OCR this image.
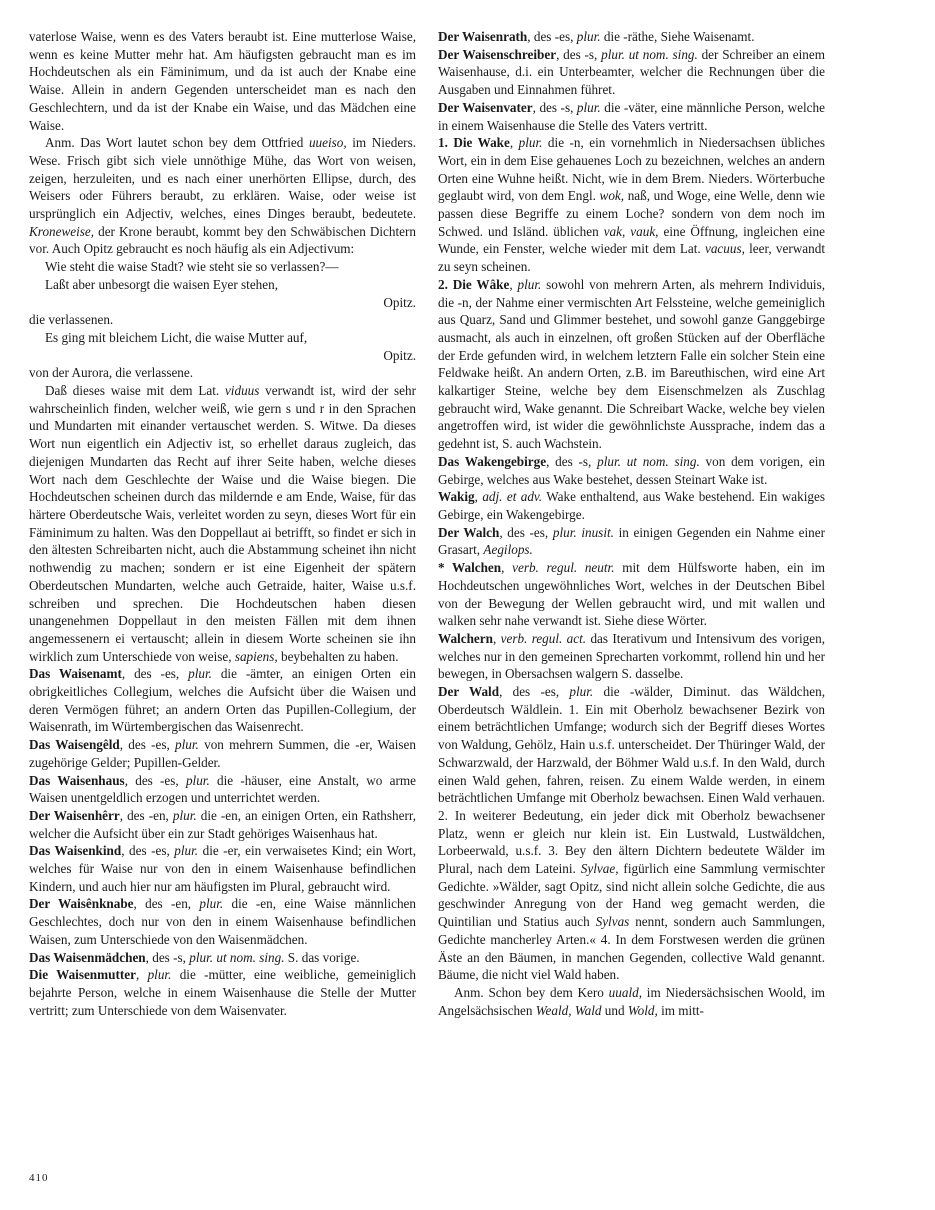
vaterlose Waise, wenn es des Vaters beraubt ist. Eine mutterlose Waise, wenn es keine Mutter mehr hat. Am häufigsten gebraucht man es im Hochdeutschen als ein Fäminimum, und da ist auch der Knabe eine Waise. Allein in andern Gegenden unterscheidet man es nach den Geschlechtern, und da ist der Knabe ein Waise, und das Mädchen eine Waise.

Anm. Das Wort lautet schon bey dem Ottfried uueiso, im Nieders. Wese. Frisch gibt sich viele unnöthige Mühe, das Wort von weisen, zeigen, herzuleiten, und es nach einer unerhörten Ellipse, durch, des Weisers oder Führers beraubt, zu erklären. Waise, oder weise ist ursprünglich ein Adjectiv, welches, eines Dinges beraubt, bedeutete. Kroneweise, der Krone beraubt, kommt bey den Schwäbischen Dichtern vor. Auch Opitz gebraucht es noch häufig als ein Adjectivum:

Wie steht die waise Stadt? wie steht sie so verlassen?—

Laßt aber unbesorgt die waisen Eyer stehen,

Opitz.

die verlassenen.

Es ging mit bleichem Licht, die waise Mutter auf,

Opitz.

von der Aurora, die verlassene.

Daß dieses waise mit dem Lat. viduus verwandt ist, wird der sehr wahrscheinlich finden, welcher weiß, wie gern s und r in den Sprachen und Mundarten mit einander vertauschet werden. S. Witwe. Da dieses Wort nun eigentlich ein Adjectiv ist, so erhellet daraus zugleich, das diejenigen Mundarten das Recht auf ihrer Seite haben, welche dieses Wort nach dem Geschlechte der Waise und die Waise biegen. Die Hochdeutschen scheinen durch das mildernde e am Ende, Waise, für das härtere Oberdeutsche Wais, verleitet worden zu seyn, dieses Wort für ein Fäminimum zu halten. Was den Doppellaut ai betrifft, so findet er sich in den ältesten Schreibarten nicht, auch die Abstammung scheinet ihn nicht nothwendig zu machen; sondern er ist eine Eigenheit der spätern Oberdeutschen Mundarten, welche auch Getraide, haiter, Waise u.s.f. schreiben und sprechen. Die Hochdeutschen haben diesen unangenehmen Doppellaut in den meisten Fällen mit dem ihnen angemessenern ei vertauscht; allein in diesem Worte scheinen sie ihn wirklich zum Unterschiede von weise, sapiens, beybehalten zu haben.

Das Waisenamt, des -es, plur. die -ämter, an einigen Orten ein obrigkeitliches Collegium, welches die Aufsicht über die Waisen und deren Vermögen führet; an andern Orten das Pupillen-Collegium, der Waisenrath, im Würtembergischen das Waisenrecht.

Das Waisengêld, des -es, plur. von mehrern Summen, die -er, Waisen zugehörige Gelder; Pupillen-Gelder.

Das Waisenhaus, des -es, plur. die -häuser, eine Anstalt, wo arme Waisen unentgeldlich erzogen und unterrichtet werden.

Der Waisenhêrr, des -en, plur. die -en, an einigen Orten, ein Rathsherr, welcher die Aufsicht über ein zur Stadt gehöriges Waisenhaus hat.

Das Waisenkind, des -es, plur. die -er, ein verwaisetes Kind; ein Wort, welches für Waise nur von den in einem Waisenhause befindlichen Kindern, und auch hier nur am häufigsten im Plural, gebraucht wird.

Der Waisênknabe, des -en, plur. die -en, eine Waise männlichen Geschlechtes, doch nur von den in einem Waisenhause befindlichen Waisen, zum Unterschiede von den Waisenmädchen.

Das Waisenmädchen, des -s, plur. ut nom. sing. S. das vorige.

Die Waisenmutter, plur. die -mütter, eine weibliche, gemeiniglich bejahrte Person, welche in einem Waisenhause die Stelle der Mutter vertritt; zum Unterschiede von dem Waisenvater.

Der Waisenrath, des -es, plur. die -räthe, Siehe Waisenamt.

Der Waisenschreiber, des -s, plur. ut nom. sing. der Schreiber an einem Waisenhause, d.i. ein Unterbeamter, welcher die Rechnungen über die Ausgaben und Einnahmen führet.

Der Waisenvater, des -s, plur. die -väter, eine männliche Person, welche in einem Waisenhause die Stelle des Vaters vertritt.

1. Die Wake, plur. die -n, ein vornehmlich in Niedersachsen übliches Wort, ein in dem Eise gehauenes Loch zu bezeichnen, welches an andern Orten eine Wuhne heißt. Nicht, wie in dem Brem. Nieders. Wörterbuche geglaubt wird, von dem Engl. wok, naß, und Woge, eine Welle, denn wie passen diese Begriffe zu einem Loche? sondern von dem noch im Schwed. und Isländ. üblichen vak, vauk, eine Öffnung, ingleichen eine Wunde, ein Fenster, welche wieder mit dem Lat. vacuus, leer, verwandt zu seyn scheinen.

2. Die Wâke, plur. sowohl von mehrern Arten, als mehrern Individuis, die -n, der Nahme einer vermischten Art Felssteine, welche gemeiniglich aus Quarz, Sand und Glimmer bestehet, und sowohl ganze Ganggebirge ausmacht, als auch in einzelnen, oft großen Stücken auf der Oberfläche der Erde gefunden wird, in welchem letztern Falle ein solcher Stein eine Feldwake heißt. An andern Orten, z.B. im Bareuthischen, wird eine Art kalkartiger Steine, welche bey dem Eisenschmelzen als Zuschlag gebraucht wird, Wake genannt. Die Schreibart Wacke, welche bey vielen angetroffen wird, ist wider die gewöhnlichste Aussprache, indem das a gedehnt ist, S. auch Wachstein.

Das Wakengebirge, des -s, plur. ut nom. sing. von dem vorigen, ein Gebirge, welches aus Wake bestehet, dessen Steinart Wake ist.

Wakig, adj. et adv. Wake enthaltend, aus Wake bestehend. Ein wakiges Gebirge, ein Wakengebirge.

Der Walch, des -es, plur. inusit. in einigen Gegenden ein Nahme einer Grasart, Aegilops.

* Walchen, verb. regul. neutr. mit dem Hülfsworte haben, ein im Hochdeutschen ungewöhnliches Wort, welches in der Deutschen Bibel von der Bewegung der Wellen gebraucht wird, und mit wallen und walken sehr nahe verwandt ist. Siehe diese Wörter.

Walchern, verb. regul. act. das Iterativum und Intensivum des vorigen, welches nur in den gemeinen Sprecharten vorkommt, rollend hin und her bewegen, in Obersachsen walgern S. dasselbe.

Der Wald, des -es, plur. die -wälder, Diminut. das Wäldchen, Oberdeutsch Wäldlein. 1. Ein mit Oberholz bewachsener Bezirk von einem beträchtlichen Umfange; wodurch sich der Begriff dieses Wortes von Waldung, Gehölz, Hain u.s.f. unterscheidet. Der Thüringer Wald, der Schwarzwald, der Harzwald, der Böhmer Wald u.s.f. In den Wald, durch einen Wald gehen, fahren, reisen. Zu einem Walde werden, in einem beträchtlichen Umfange mit Oberholz bewachsen. Einen Wald verhauen. 2. In weiterer Bedeutung, ein jeder dick mit Oberholz bewachsener Platz, wenn er gleich nur klein ist. Ein Lustwald, Lustwäldchen, Lorbeerwald, u.s.f. 3. Bey den ältern Dichtern bedeutete Wälder im Plural, nach dem Lateini. Sylvae, figürlich eine Sammlung vermischter Gedichte. »Wälder, sagt Opitz, sind nicht allein solche Gedichte, die aus geschwinder Anregung von der Hand weg gemacht werden, die Quintilian und Statius auch Sylvas nennt, sondern auch Sammlungen, Gedichte mancherley Arten.« 4. In dem Forstwesen werden die grünen Äste an den Bäumen, in manchen Gegenden, collective Wald genannt. Bäume, die nicht viel Wald haben.

Anm. Schon bey dem Kero uuald, im Niedersächsischen Woold, im Angelsächsischen Weald, Wald und Wold, im mitt-

410
